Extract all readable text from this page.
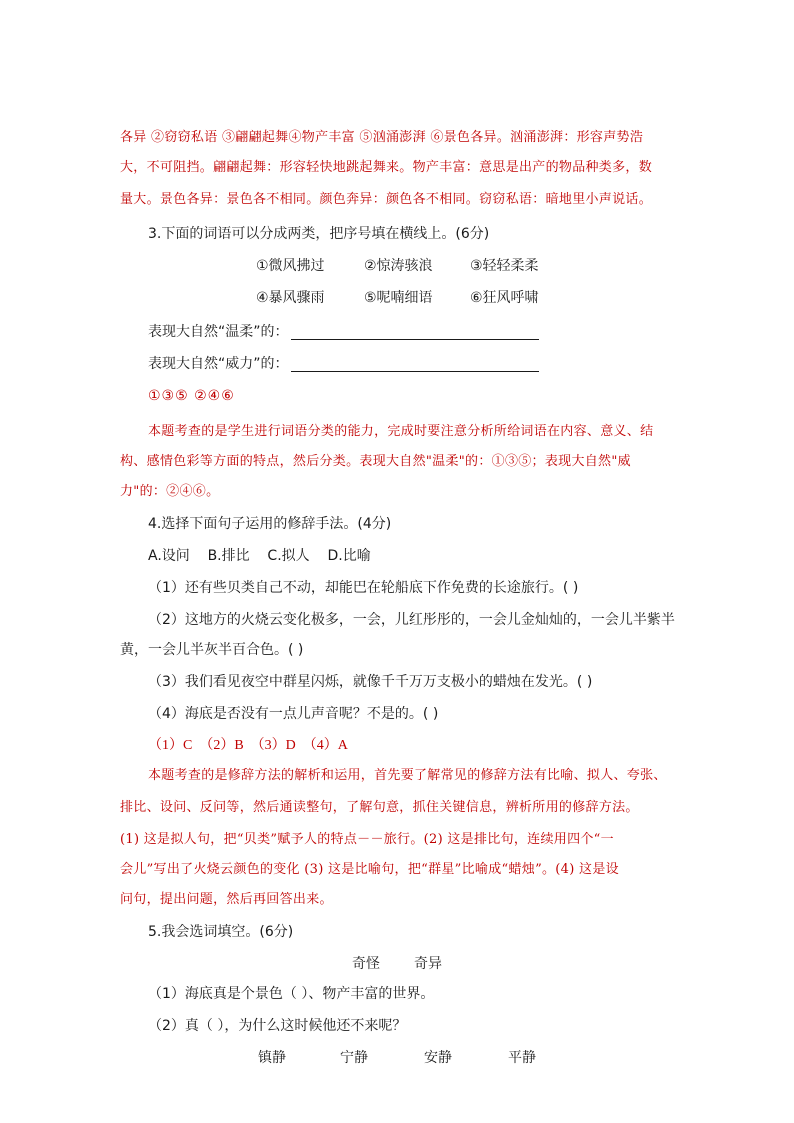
各异 ②窃窃私语 ③翩翩起舞④物产丰富 ⑤汹涌澎湃 ⑥景色各异。汹涌澎湃：形容声势浩
大，不可阻挡。翩翩起舞：形容轻快地跳起舞来。物产丰富：意思是出产的物品种类多，数
量大。景色各异：景色各不相同。颜色奔异：颜色各不相同。窃窃私语：暗地里小声说话。
3.下面的词语可以分成两类，把序号填在横线上。(6分)
①微风拂过	②惊涛骇浪	③轻轻柔柔
④暴风骤雨	⑤呢喃细语	⑥狂风呼啸
表现大自然“温柔”的：
表现大自然“威力”的：
①③⑤ ②④⑥
本题考查的是学生进行词语分类的能力，完成时要注意分析所给词语在内容、意义、结
构、感情色彩等方面的特点，然后分类。表现大自然"温柔"的：①③⑤；表现大自然"威
力"的：②④⑥。
4.选择下面句子运用的修辞手法。(4分)
A.设问    B.排比    C.拟人    D.比喻
（1）还有些贝类自己不动，却能巴在轮船底下作免费的长途旅行。( )
（2）这地方的火烧云变化极多，一会，儿红彤彤的，一会儿金灿灿的，一会儿半紫半
黄，一会儿半灰半百合色。( )
（3）我们看见夜空中群星闪烁，就像千千万万支极小的蜡烛在发光。( )
（4）海底是否没有一点儿声音呢？不是的。( )
（1）C  （2）B  （3）D  （4）A
本题考查的是修辞方法的解析和运用，首先要了解常见的修辞方法有比喻、拟人、夸张、
排比、设问、反问等，然后通读整句，了解句意，抓住关键信息，辨析所用的修辞方法。
(1) 这是拟人句，把“贝类”赋予人的特点－－旅行。(2) 这是排比句，连续用四个“一
会儿”写出了火烧云颜色的变化 (3) 这是比喻句，把“群星”比喻成“蜡烛”。(4) 这是设
问句，提出问题，然后再回答出来。
5.我会选词填空。(6分)
奇怪 奇异
（1）海底真是个景色（ ）、物产丰富的世界。
（2）真（ ），为什么这时候他还不来呢？
镇静	宁静	安静	平静
